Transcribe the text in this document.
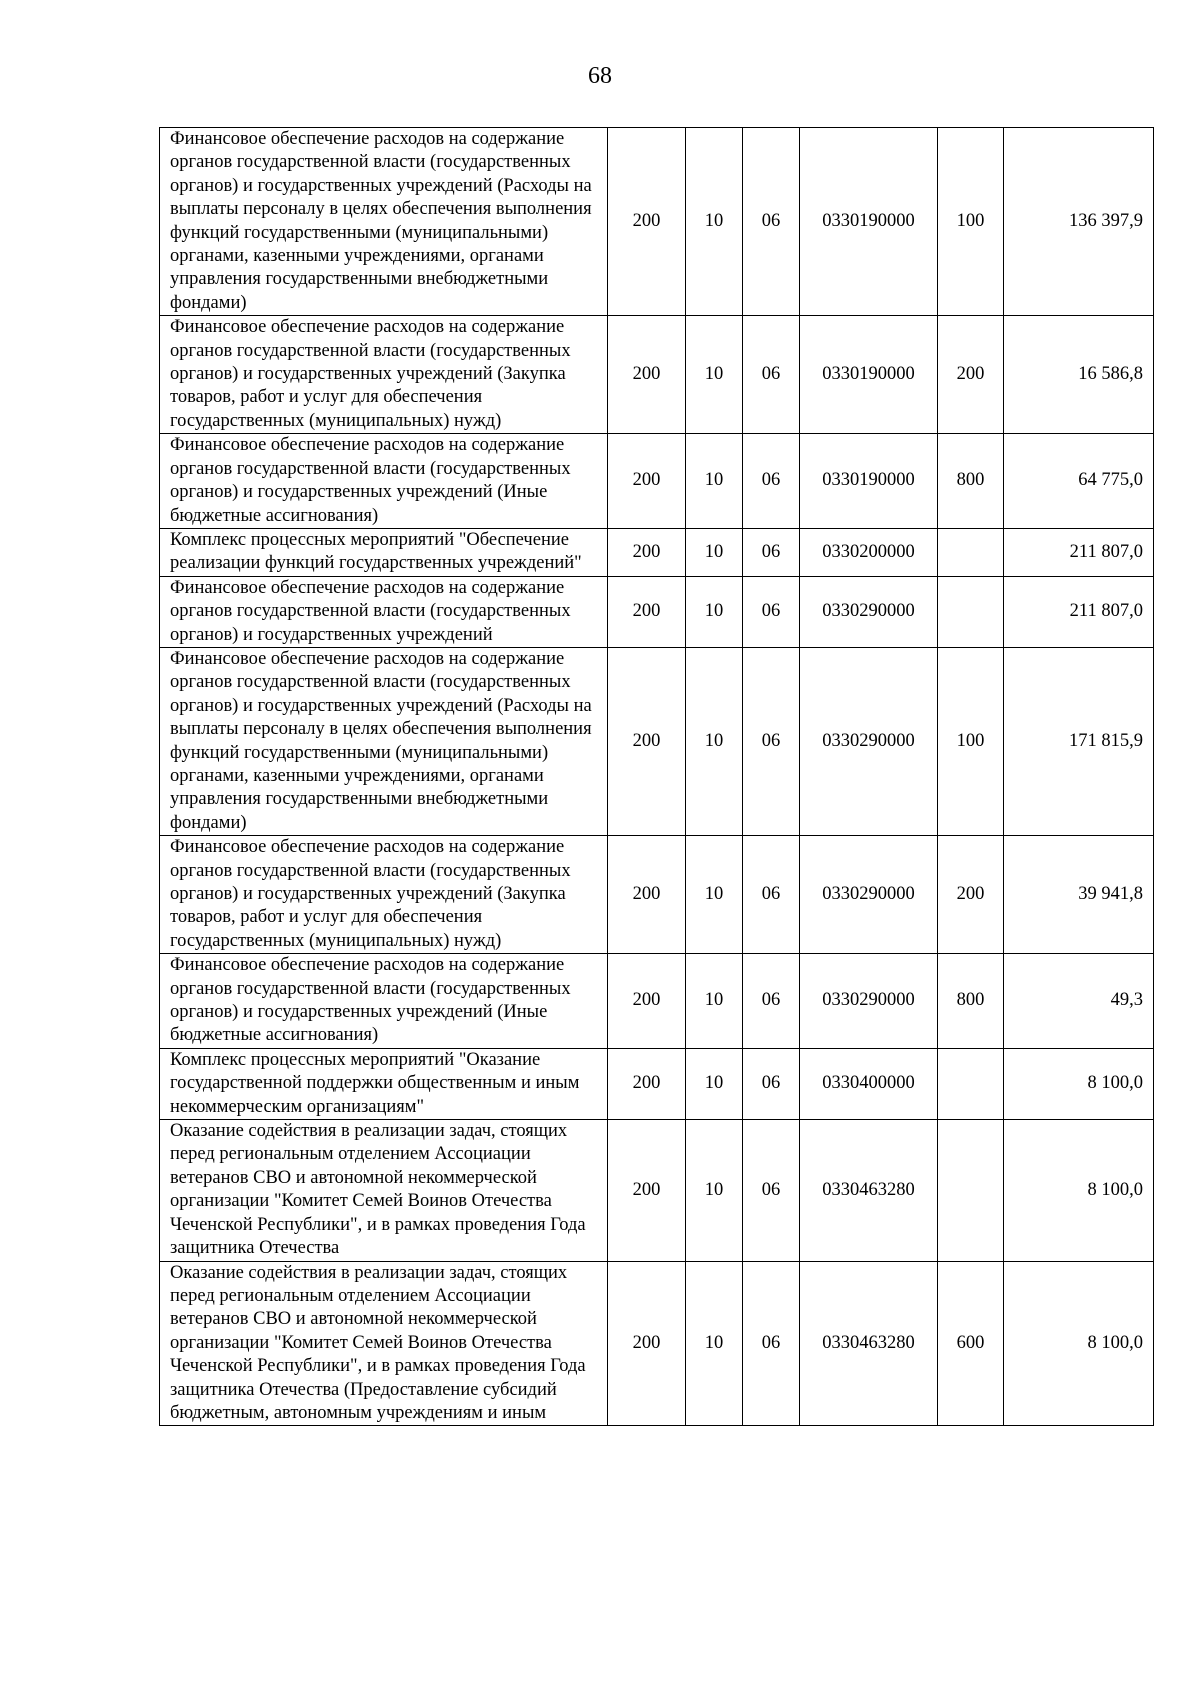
68
Финансовое обеспечение расходов на содержание органов государственной власти (государственных органов) и государственных учреждений (Расходы на выплаты персоналу в целях обеспечения выполнения функций государственными (муниципальными) органами, казенными учреждениями, органами управления государственными внебюджетными фондами)	200	10	06	0330190000	100	136 397,9
Финансовое обеспечение расходов на содержание органов государственной власти (государственных органов) и государственных учреждений (Закупка товаров, работ и услуг для обеспечения государственных (муниципальных) нужд)	200	10	06	0330190000	200	16 586,8
Финансовое обеспечение расходов на содержание органов государственной власти (государственных органов) и государственных учреждений (Иные бюджетные ассигнования)	200	10	06	0330190000	800	64 775,0
Комплекс процессных мероприятий "Обеспечение реализации функций государственных учреждений"	200	10	06	0330200000		211 807,0
Финансовое обеспечение расходов на содержание органов государственной власти (государственных органов) и государственных учреждений	200	10	06	0330290000		211 807,0
Финансовое обеспечение расходов на содержание органов государственной власти (государственных органов) и государственных учреждений (Расходы на выплаты персоналу в целях обеспечения выполнения функций государственными (муниципальными) органами, казенными учреждениями, органами управления государственными внебюджетными фондами)	200	10	06	0330290000	100	171 815,9
Финансовое обеспечение расходов на содержание органов государственной власти (государственных органов) и государственных учреждений (Закупка товаров, работ и услуг для обеспечения государственных (муниципальных) нужд)	200	10	06	0330290000	200	39 941,8
Финансовое обеспечение расходов на содержание органов государственной власти (государственных органов) и государственных учреждений (Иные бюджетные ассигнования)	200	10	06	0330290000	800	49,3
Комплекс процессных мероприятий "Оказание государственной поддержки общественным и иным некоммерческим организациям"	200	10	06	0330400000		8 100,0
Оказание содействия в реализации задач, стоящих перед региональным отделением Ассоциации ветеранов СВО и автономной некоммерческой организации "Комитет Семей Воинов Отечества Чеченской Республики", и в рамках проведения Года защитника Отечества	200	10	06	0330463280		8 100,0
Оказание содействия в реализации задач, стоящих перед региональным отделением Ассоциации ветеранов СВО и автономной некоммерческой организации "Комитет Семей Воинов Отечества Чеченской Республики", и в рамках проведения Года защитника Отечества (Предоставление субсидий бюджетным, автономным учреждениям и иным	200	10	06	0330463280	600	8 100,0
